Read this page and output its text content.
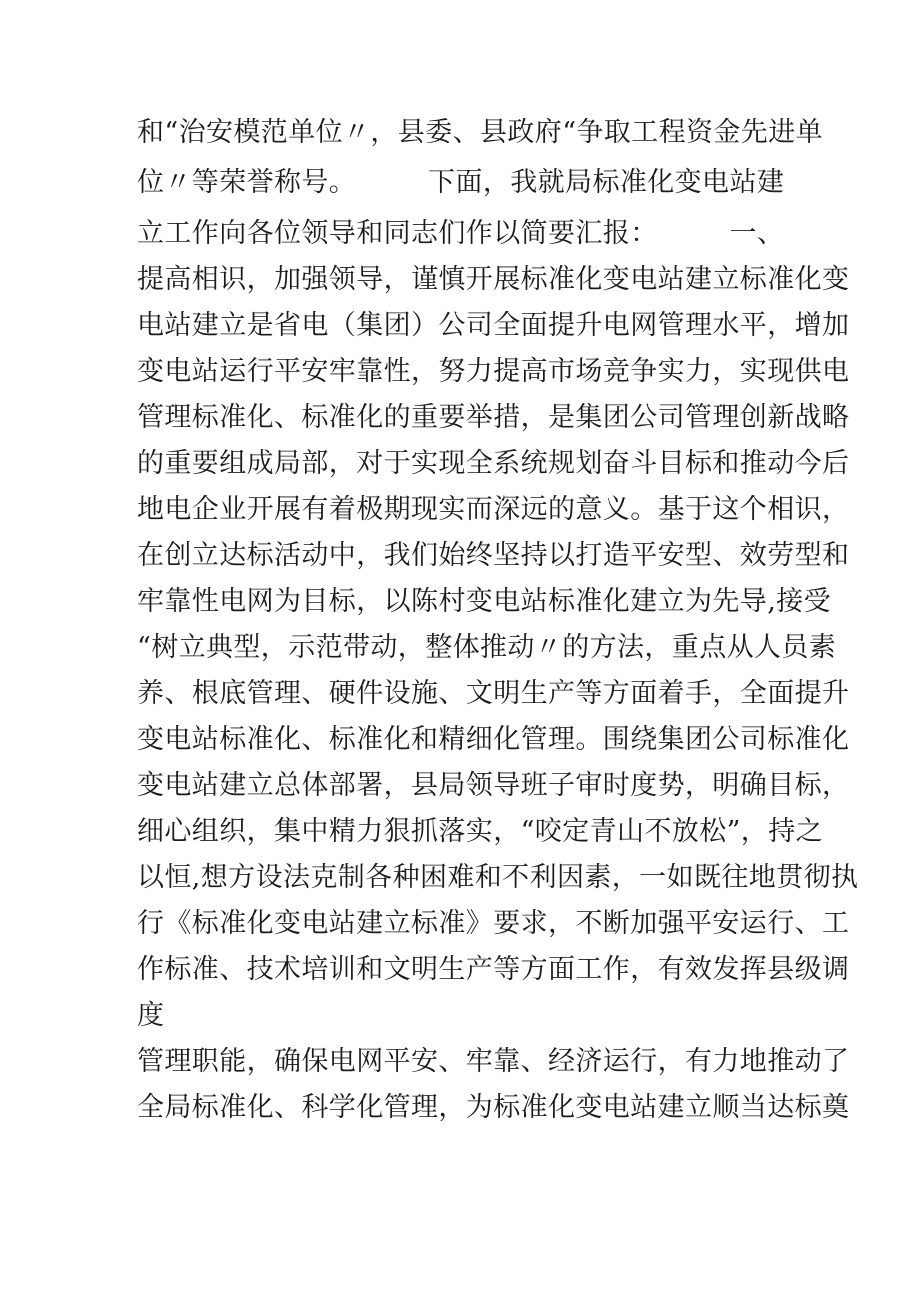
和“治安模范单位〃，县委、县政府“争取工程资金先进单

位〃等荣誉称号。        下面，我就局标准化变电站建

立工作向各位领导和同志们作以简要汇报：        一、

提高相识，加强领导，谨慎开展标准化变电站建立标准化变

电站建立是省电（集团）公司全面提升电网管理水平，增加

变电站运行平安牢靠性，努力提高市场竞争实力，实现供电

管理标准化、标准化的重要举措，是集团公司管理创新战略

的重要组成局部，对于实现全系统规划奋斗目标和推动今后

地电企业开展有着极期现实而深远的意义。基于这个相识，

在创立达标活动中，我们始终坚持以打造平安型、效劳型和

牢靠性电网为目标，以陈村变电站标准化建立为先导,接受

“树立典型，示范带动，整体推动〃的方法，重点从人员素

养、根底管理、硬件设施、文明生产等方面着手，全面提升

变电站标准化、标准化和精细化管理。围绕集团公司标准化

变电站建立总体部署，县局领导班子审时度势，明确目标，

细心组织，集中精力狠抓落实，“咬定青山不放松”，持之

以恒,想方设法克制各种困难和不利因素，一如既往地贯彻执

行《标准化变电站建立标准》要求，不断加强平安运行、工

作标准、技术培训和文明生产等方面工作，有效发挥县级调

度

管理职能，确保电网平安、牢靠、经济运行，有力地推动了

全局标准化、科学化管理，为标准化变电站建立顺当达标奠
